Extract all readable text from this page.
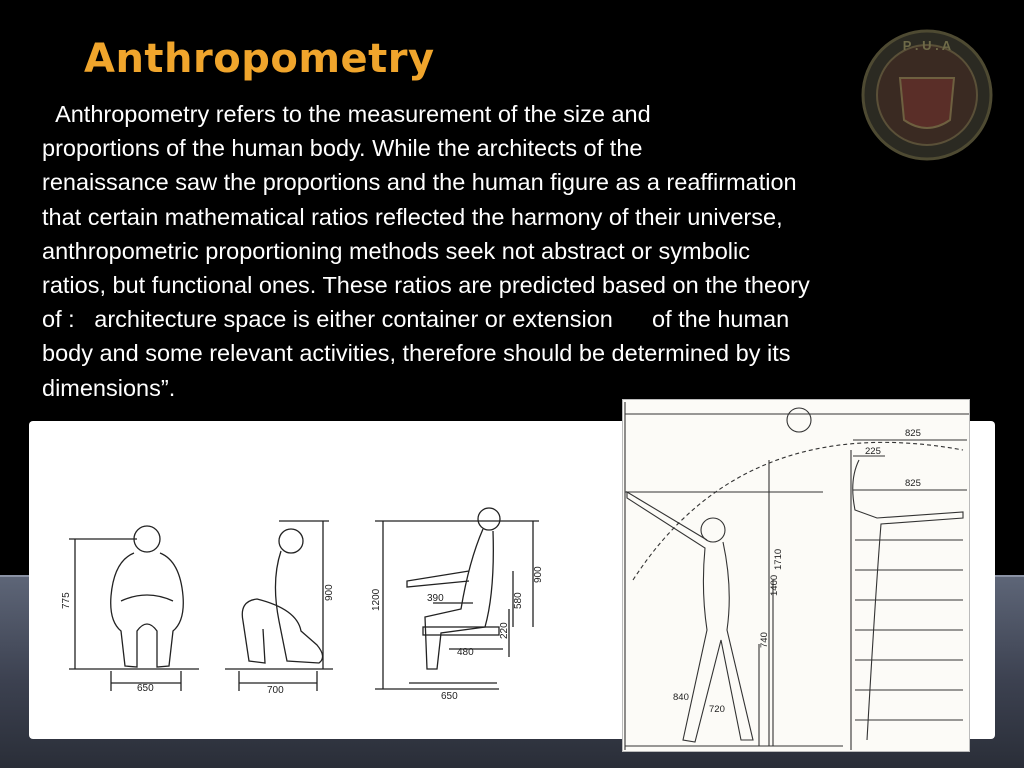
Anthropometry
Anthropometry refers to the measurement of the size and
proportions of the human body. While the architects of the
renaissance saw the proportions and the human figure as a reaffirmation
that certain mathematical ratios reflected the harmony of their universe,
anthropometric proportioning methods seek not abstract or symbolic
ratios, but functional ones. These ratios are predicted based on the theory
of :   architecture space is either container or extension      of the human
body and some relevant activities, therefore should be determined by its
dimensions”.
P . U . A
775
650
900
700
1200
900
580
220
390
480
650
825
225
825
1710
1400
740
840
720
